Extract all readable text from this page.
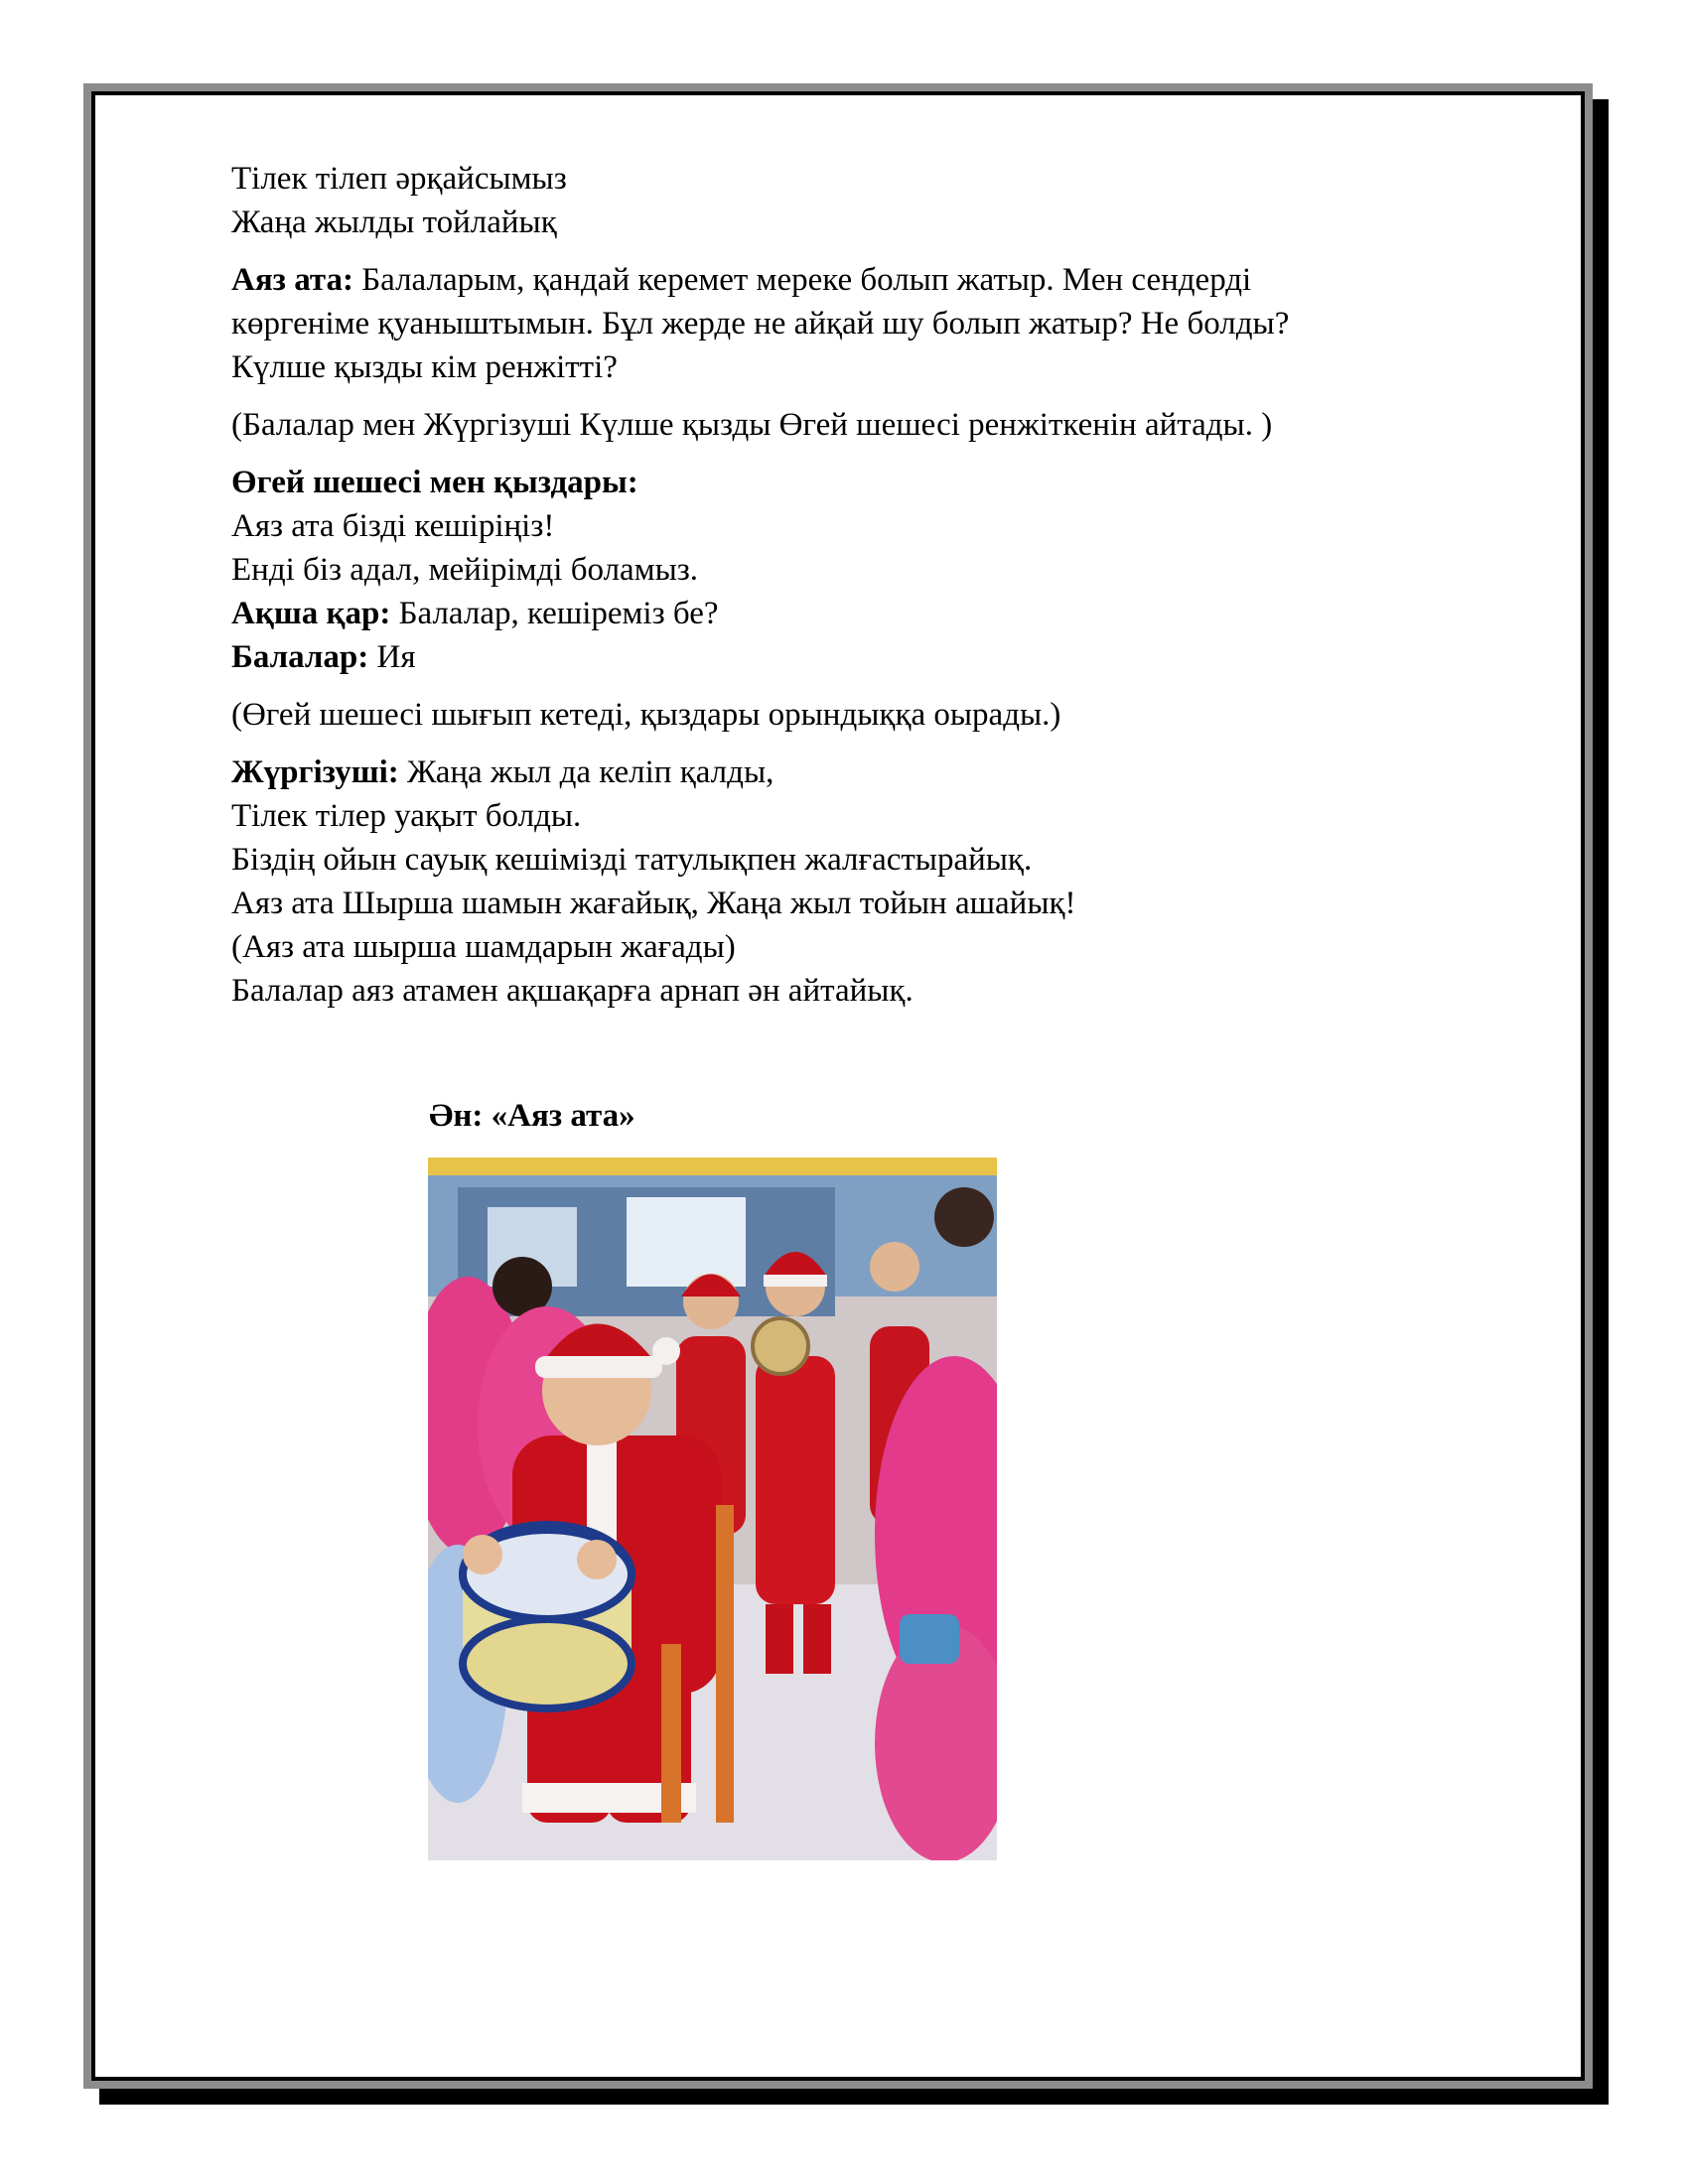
Тілек тілеп әрқайсымыз
Жаңа жылды тойлайық

Аяз ата: Балаларым, қандай керемет мереке болып жатыр. Мен сендерді
көргеніме қуаныштымын. Бұл жерде не айқай шу болып жатыр? Не болды?
Күлше қызды кім ренжітті?

(Балалар мен Жүргізуші Күлше қызды Өгей шешесі ренжіткенін айтады. )

Өгей шешесі мен қыздары:
Аяз ата бізді кешіріңіз!
Енді біз адал, мейірімді боламыз.
Ақша қар: Балалар, кешіреміз бе?
Балалар: Ия

(Өгей шешесі шығып кетеді, қыздары орындыққа оырады.)

Жүргізуші: Жаңа жыл да келіп қалды,
Тілек тілер уақыт болды.
Біздің ойын сауық кешімізді татулықпен жалғастырайық.
Аяз ата Шырша шамын жағайық, Жаңа жыл тойын ашайық!
(Аяз ата шырша шамдарын жағады)
Балалар аяз атамен ақшақарға арнап ән айтайық.

Ән: «Аяз ата»
